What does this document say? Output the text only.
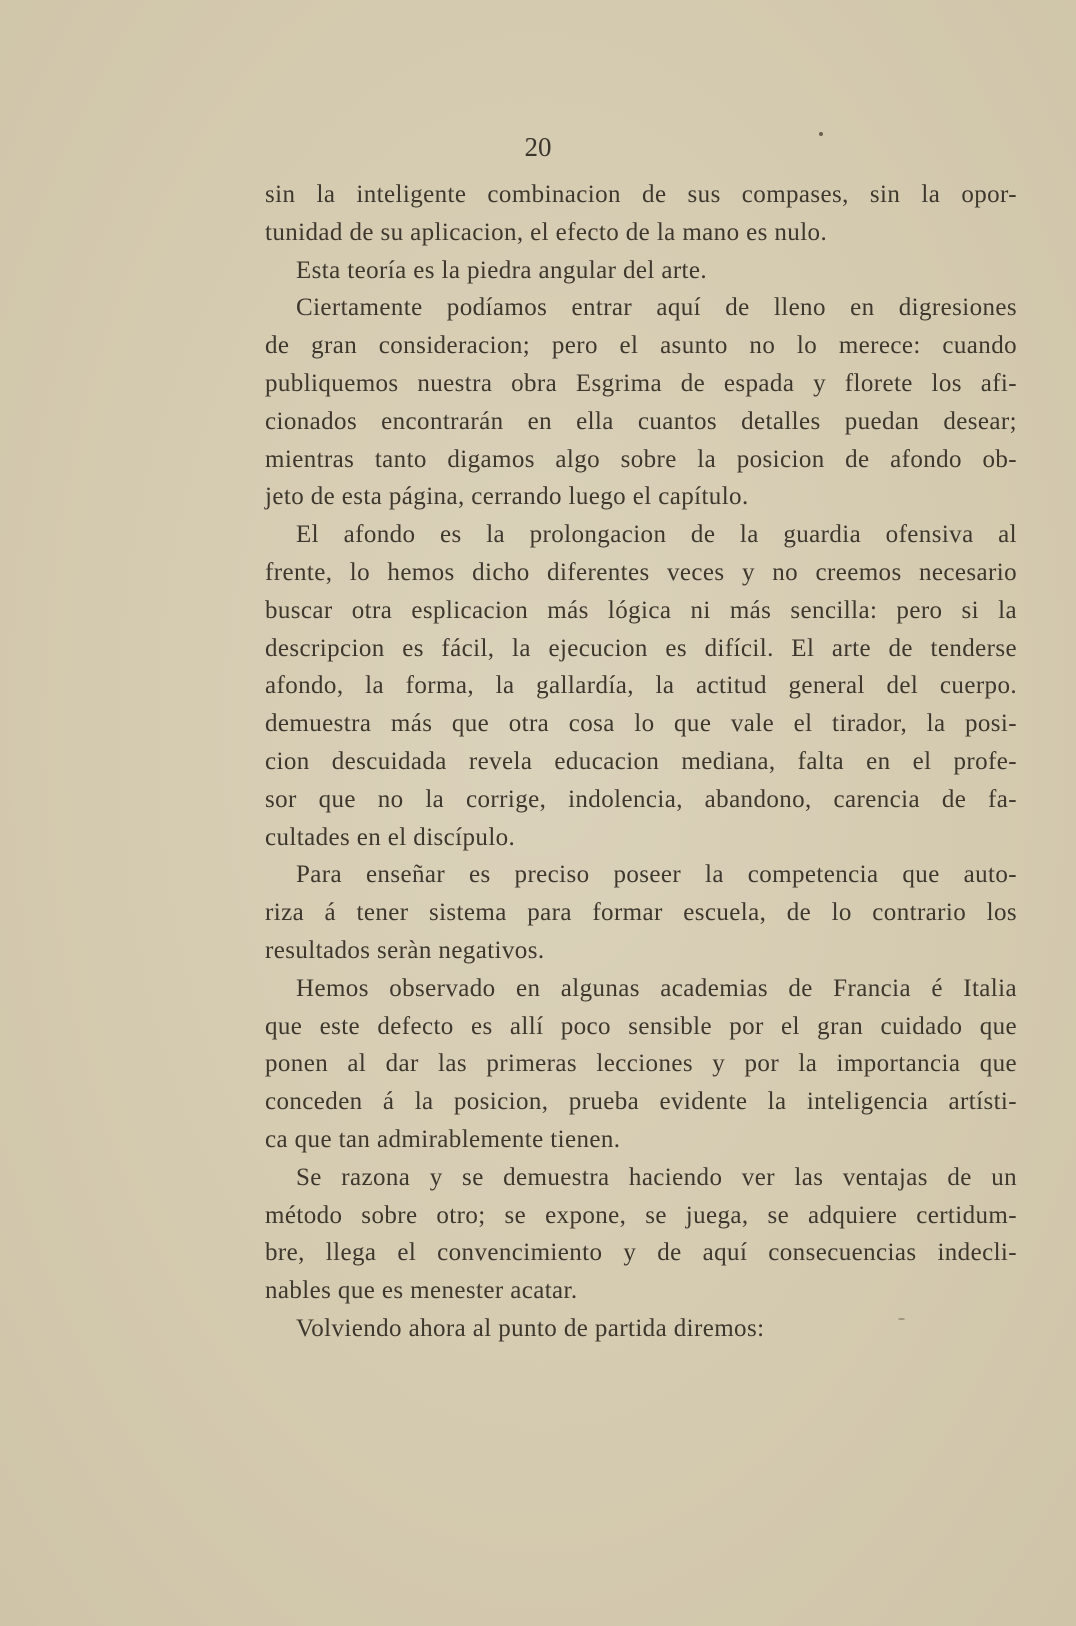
20
sin la inteligente combinacion de sus compases, sin la opor-
tunidad de su aplicacion, el efecto de la mano es nulo.
Esta teoría es la piedra angular del arte.
Ciertamente podíamos entrar aquí de lleno en digresiones
de gran consideracion; pero el asunto no lo merece: cuando
publiquemos nuestra obra Esgrima de espada y florete los afi-
cionados encontrarán en ella cuantos detalles puedan desear;
mientras tanto digamos algo sobre la posicion de afondo ob-
jeto de esta página, cerrando luego el capítulo.
El afondo es la prolongacion de la guardia ofensiva al
frente, lo hemos dicho diferentes veces y no creemos necesario
buscar otra esplicacion más lógica ni más sencilla: pero si la
descripcion es fácil, la ejecucion es difícil. El arte de tenderse
afondo, la forma, la gallardía, la actitud general del cuerpo.
demuestra más que otra cosa lo que vale el tirador, la posi-
cion descuidada revela educacion mediana, falta en el profe-
sor que no la corrige, indolencia, abandono, carencia de fa-
cultades en el discípulo.
Para enseñar es preciso poseer la competencia que auto-
riza á tener sistema para formar escuela, de lo contrario los
resultados seràn negativos.
Hemos observado en algunas academias de Francia é Italia
que este defecto es allí poco sensible por el gran cuidado que
ponen al dar las primeras lecciones y por la importancia que
conceden á la posicion, prueba evidente la inteligencia artísti-
ca que tan admirablemente tienen.
Se razona y se demuestra haciendo ver las ventajas de un
método sobre otro; se expone, se juega, se adquiere certidum-
bre, llega el convencimiento y de aquí consecuencias indecli-
nables que es menester acatar.
Volviendo ahora al punto de partida diremos:
